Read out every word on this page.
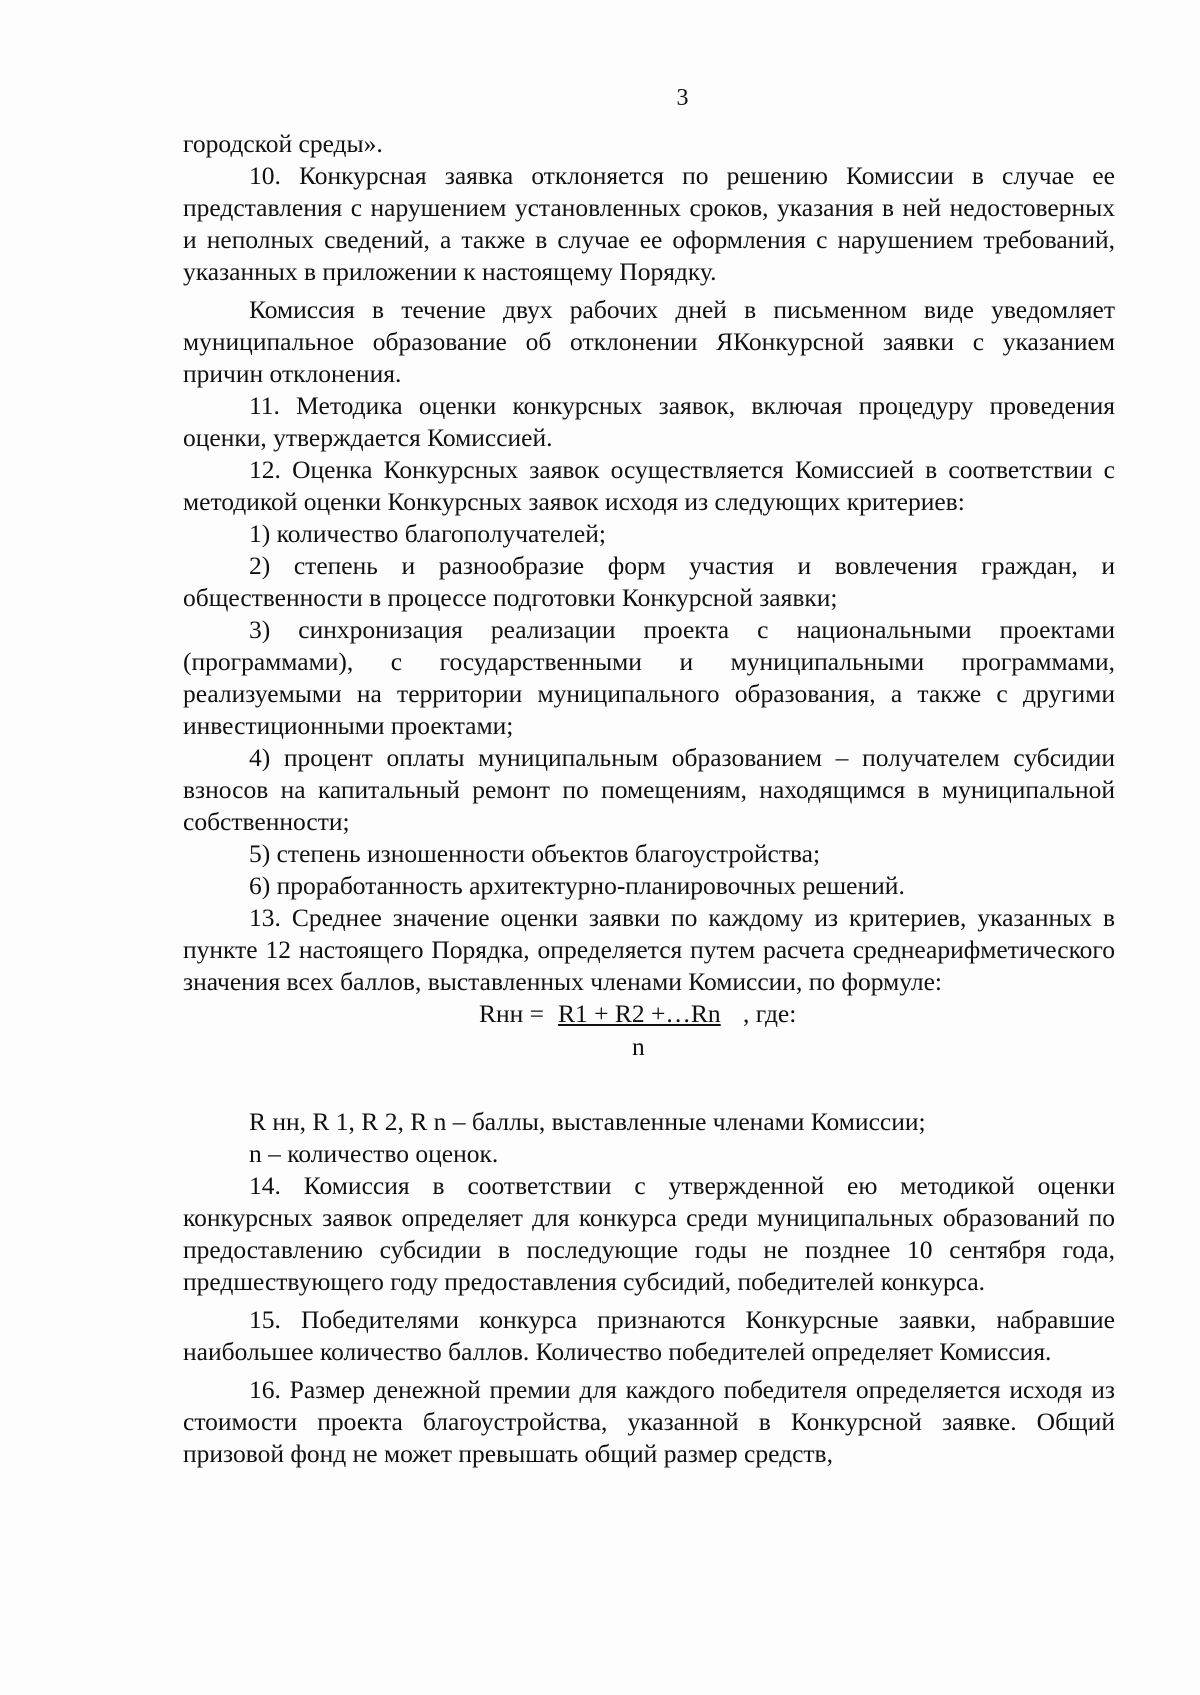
3

городской среды».

10. Конкурсная заявка отклоняется по решению Комиссии в случае ее представления с нарушением установленных сроков, указания в ней недостоверных и неполных сведений, а также в случае ее оформления с нарушением требований, указанных в приложении к настоящему Порядку.

Комиссия в течение двух рабочих дней в письменном виде уведомляет муниципальное образование об отклонении ЯКонкурсной заявки с указанием причин отклонения.

11. Методика оценки конкурсных заявок, включая процедуру проведения оценки, утверждается Комиссией.

12. Оценка Конкурсных заявок осуществляется Комиссией в соответствии с методикой оценки Конкурсных заявок исходя из следующих критериев:

1) количество благополучателей;

2) степень и разнообразие форм участия и вовлечения граждан, и общественности в процессе подготовки Конкурсной заявки;

3) синхронизация реализации проекта с национальными проектами (программами), с государственными и муниципальными программами, реализуемыми на территории муниципального образования, а также с другими инвестиционными проектами;

4) процент оплаты муниципальным образованием – получателем субсидии взносов на капитальный ремонт по помещениям, находящимся в муниципальной собственности;

5) степень изношенности объектов благоустройства;

6) проработанность архитектурно-планировочных решений.

13. Среднее значение оценки заявки по каждому из критериев, указанных в пункте 12 настоящего Порядка, определяется путем расчета среднеарифметического значения всех баллов, выставленных членами Комиссии, по формуле:

Rнн = R1 + R2 +…Rn , где:
n

R нн, R 1, R 2, R n – баллы, выставленные членами Комиссии;

n – количество оценок.

14. Комиссия в соответствии с утвержденной ею методикой оценки конкурсных заявок определяет для конкурса среди муниципальных образований по предоставлению субсидии в последующие годы не позднее 10 сентября года, предшествующего году предоставления субсидий, победителей конкурса.

15. Победителями конкурса признаются Конкурсные заявки, набравшие наибольшее количество баллов. Количество победителей определяет Комиссия.

16. Размер денежной премии для каждого победителя определяется исходя из стоимости проекта благоустройства, указанной в Конкурсной заявке. Общий призовой фонд не может превышать общий размер средств,
